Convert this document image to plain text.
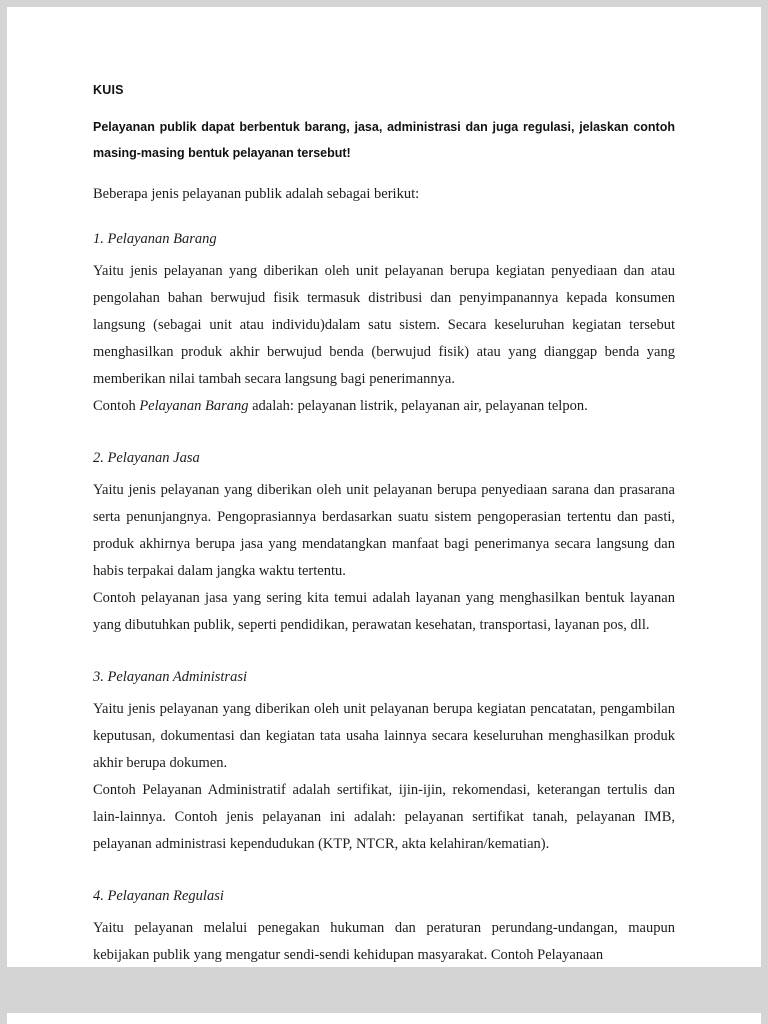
KUIS

Pelayanan publik dapat berbentuk barang, jasa, administrasi dan juga regulasi, jelaskan contoh masing-masing bentuk pelayanan tersebut!

Beberapa jenis pelayanan publik adalah sebagai berikut:

1. Pelayanan Barang

Yaitu jenis pelayanan yang diberikan oleh unit pelayanan berupa kegiatan penyediaan dan atau pengolahan bahan berwujud fisik termasuk distribusi dan penyimpanannya kepada konsumen langsung (sebagai unit atau individu)dalam satu sistem. Secara keseluruhan kegiatan tersebut menghasilkan produk akhir berwujud benda (berwujud fisik) atau yang dianggap benda yang memberikan nilai tambah secara langsung bagi penerimannya.

Contoh Pelayanan Barang adalah: pelayanan listrik, pelayanan air, pelayanan telpon.

2. Pelayanan Jasa

Yaitu jenis pelayanan yang diberikan oleh unit pelayanan berupa penyediaan sarana dan prasarana serta penunjangnya. Pengoprasiannya berdasarkan suatu sistem pengoperasian tertentu dan pasti, produk akhirnya berupa jasa yang mendatangkan manfaat bagi penerimanya secara langsung dan habis terpakai dalam jangka waktu tertentu.

Contoh pelayanan jasa yang sering kita temui adalah layanan yang menghasilkan bentuk layanan yang dibutuhkan publik, seperti pendidikan, perawatan kesehatan, transportasi, layanan pos, dll.

3. Pelayanan Administrasi

Yaitu jenis pelayanan yang diberikan oleh unit pelayanan berupa kegiatan pencatatan, pengambilan keputusan, dokumentasi dan kegiatan tata usaha lainnya secara keseluruhan menghasilkan produk akhir berupa dokumen.

Contoh Pelayanan Administratif adalah sertifikat, ijin-ijin, rekomendasi, keterangan tertulis dan lain-lainnya. Contoh jenis pelayanan ini adalah: pelayanan sertifikat tanah, pelayanan IMB, pelayanan administrasi kependudukan (KTP, NTCR, akta kelahiran/kematian).

4. Pelayanan Regulasi

Yaitu pelayanan melalui penegakan hukuman dan peraturan perundang-undangan, maupun kebijakan publik yang mengatur sendi-sendi kehidupan masyarakat. Contoh Pelayanaan
